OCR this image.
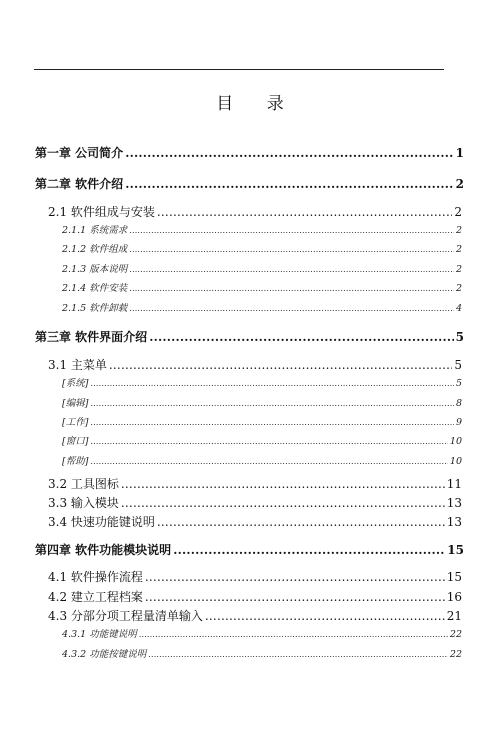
目 录
第一章 公司简介 .....	1
第二章 软件介绍 .....	2
2.1 软件组成与安装 .....	2
2.1.1 系统需求 .....	2
2.1.2 软件组成 .....	2
2.1.3 版本说明 .....	2
2.1.4 软件安装 .....	2
2.1.5 软件卸载 .....	4
第三章 软件界面介绍 .....	5
3.1 主菜单 .....	5
[系统] .....	5
[编辑] .....	8
[工作] .....	9
[窗口] .....	10
[帮助] .....	10
3.2 工具图标 .....	11
3.3 输入模块 .....	13
3.4 快速功能键说明 .....	13
第四章 软件功能模块说明 .....	15
4.1 软件操作流程 .....	15
4.2 建立工程档案 .....	16
4.3 分部分项工程量清单输入 .....	21
4.3.1 功能键说明 .....	22
4.3.2 功能按键说明 .....	22
